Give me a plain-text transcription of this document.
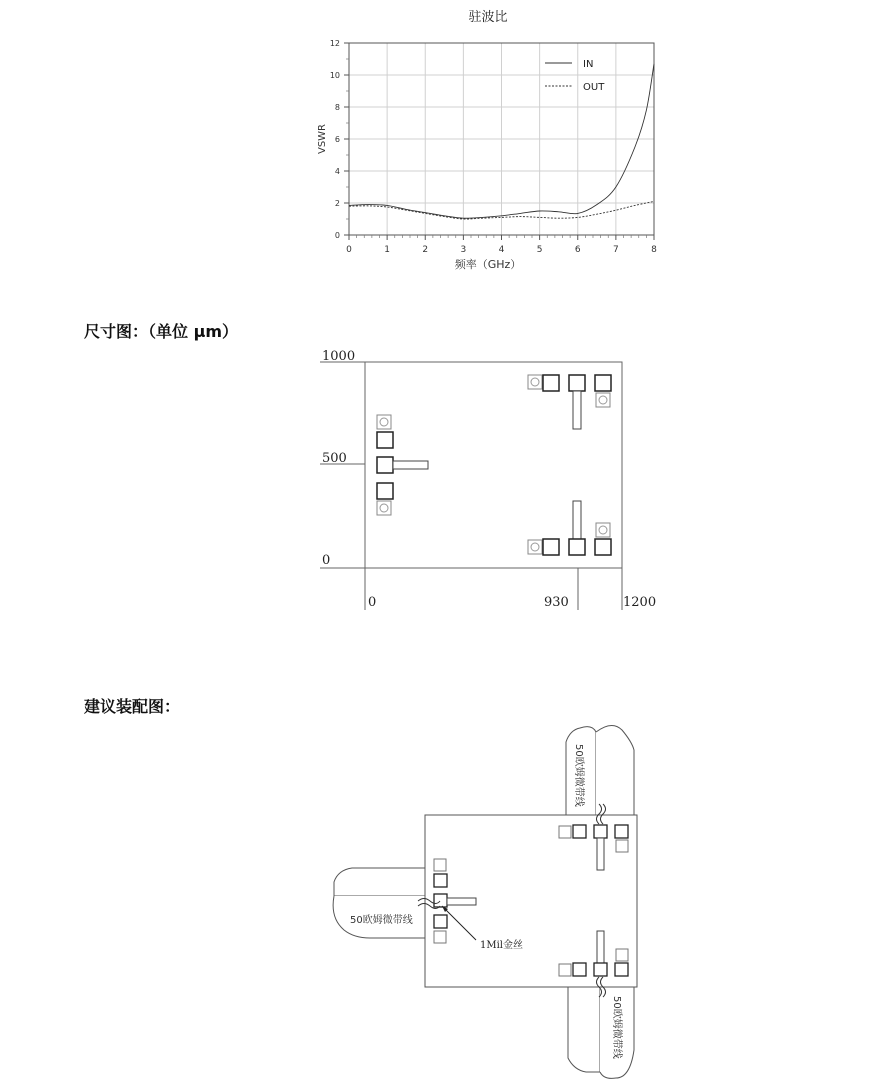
驻波比
0	1	2	3	4	5	6	7	8
0
2
4
6
8
10
12
IN
OUT
频率（GHz）
VSWR
尺寸图：（单位 μm）
1000
500
0
0	930	1200
建议装配图：
50欧姆微带线
50欧姆微带线
50欧姆微带线
1Mil金丝
